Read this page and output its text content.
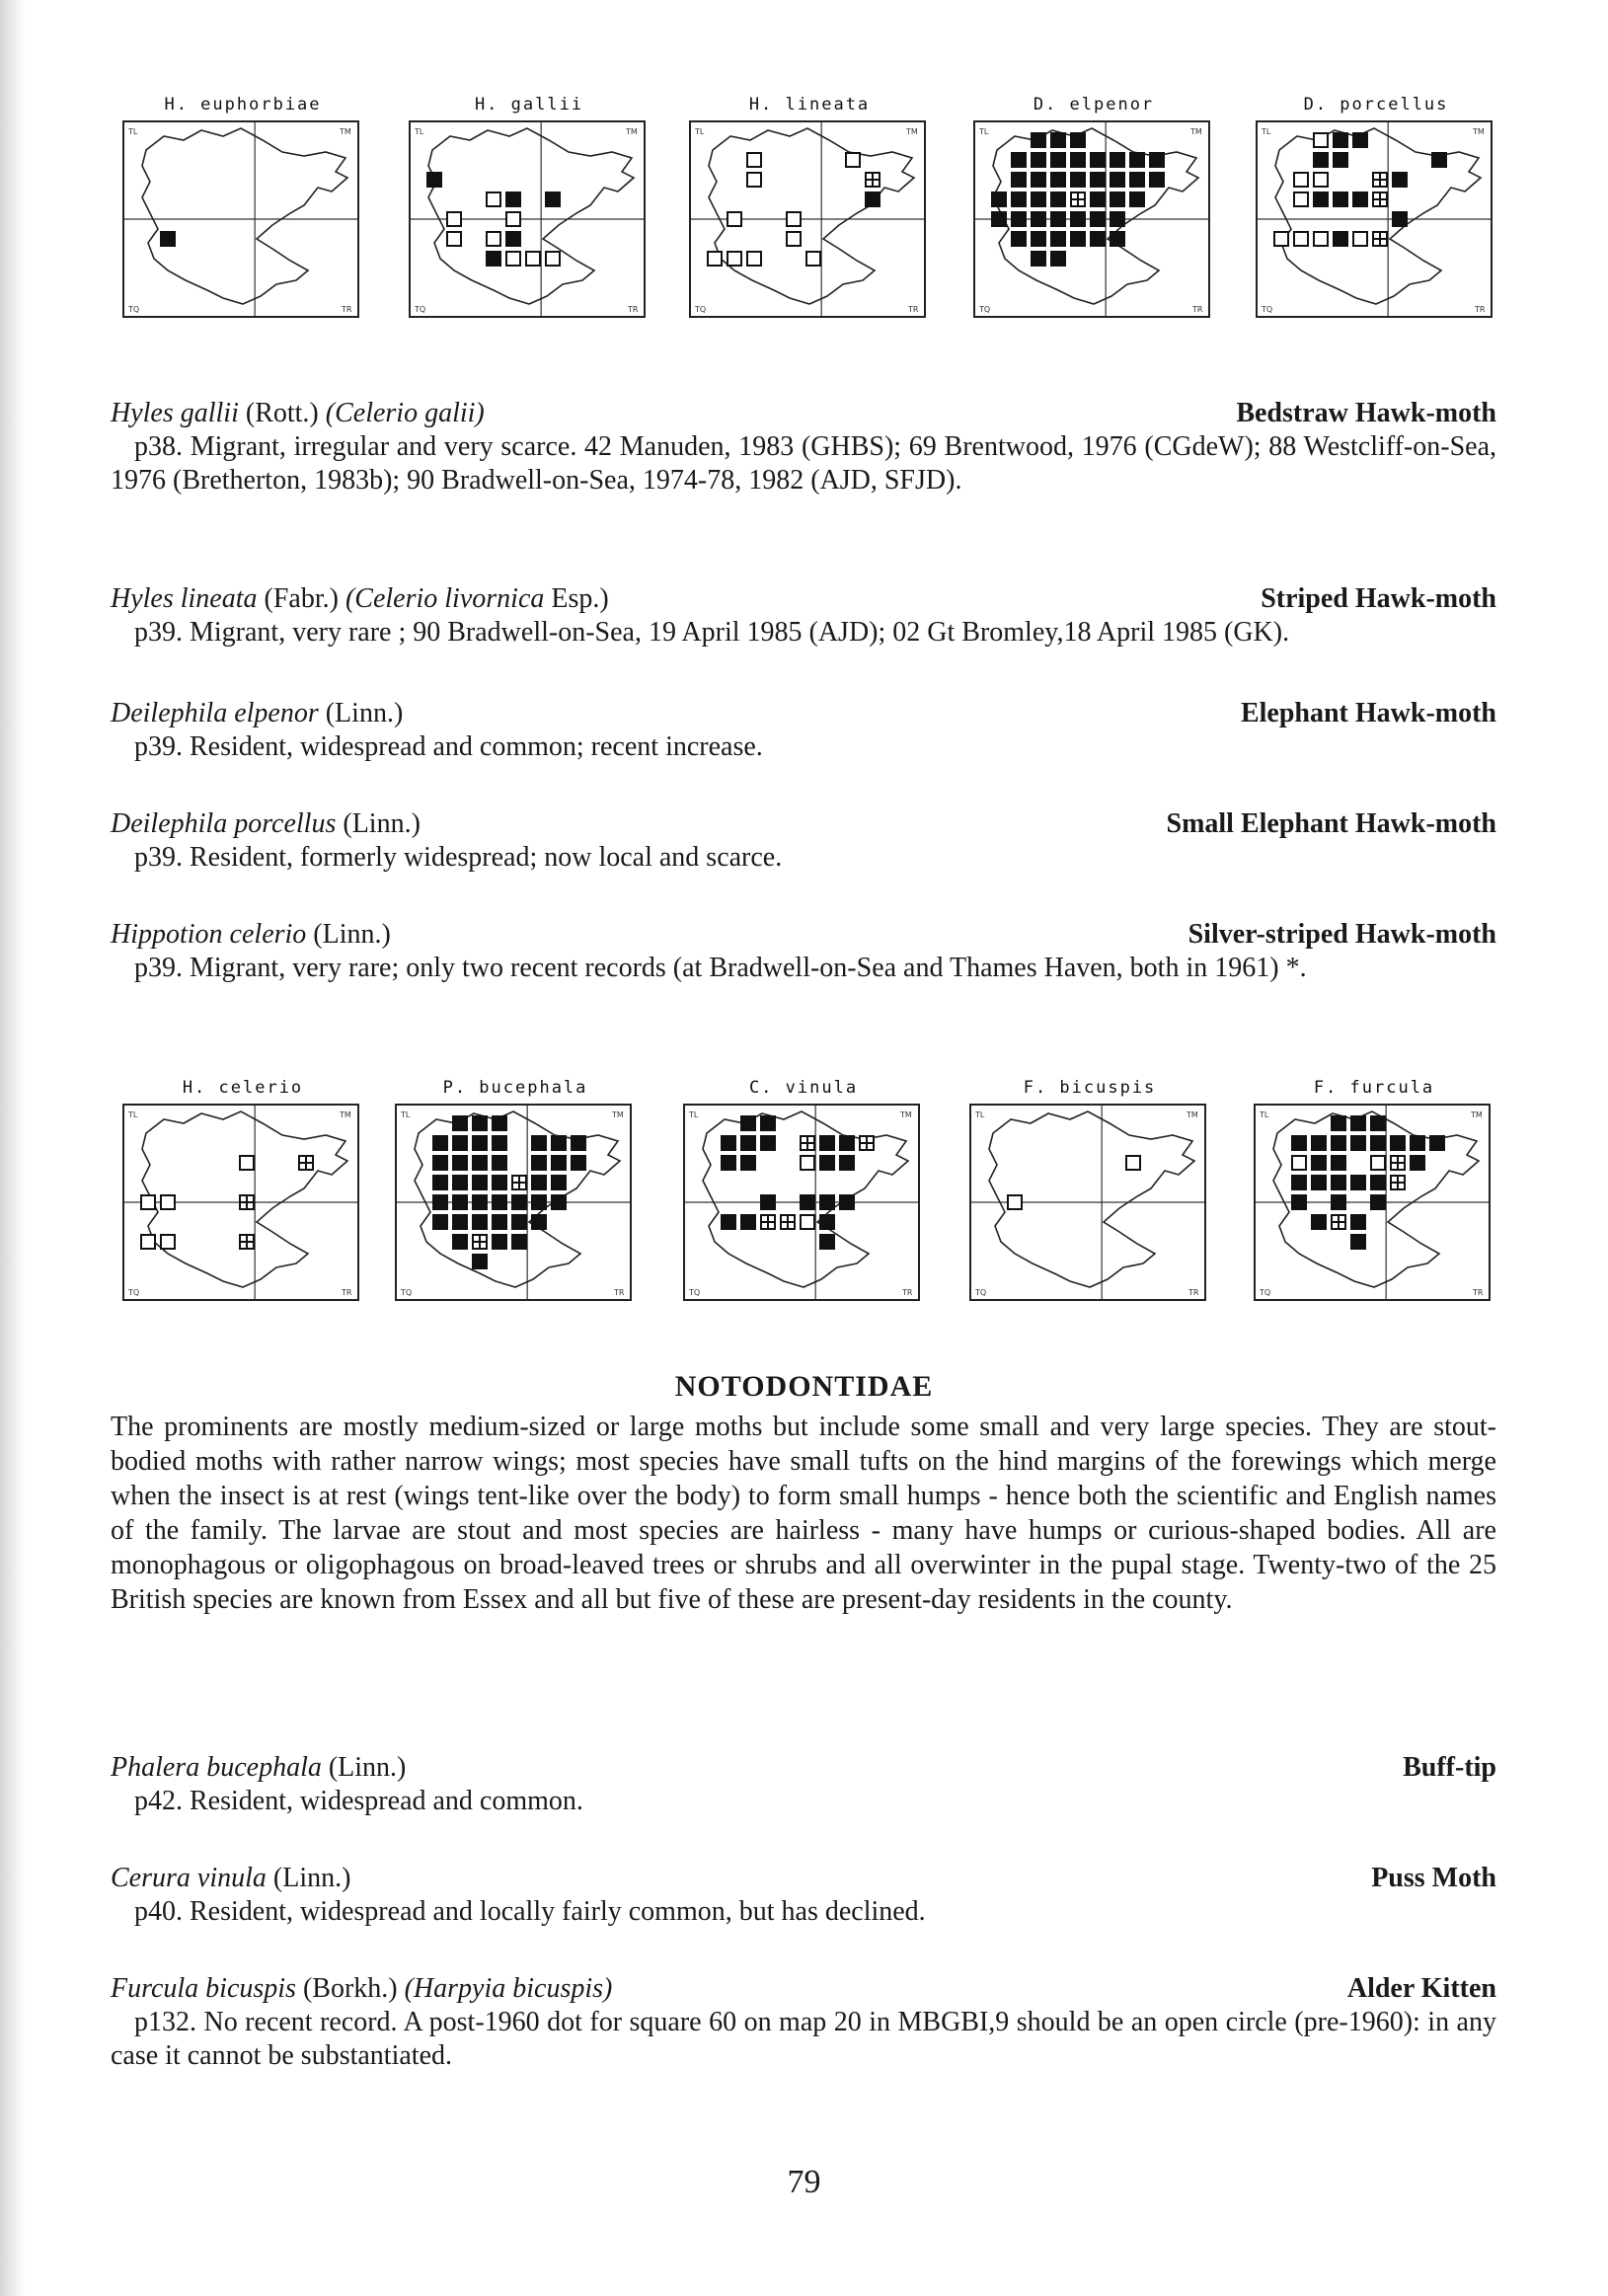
H. euphorbiae
TL	TM
TQ	TR
H. gallii
TL	TM
TQ	TR
H. lineata
TL	TM
TQ	TR
D. elpenor
TL	TM
TQ	TR
D. porcellus
TL	TM
TQ	TR
Hyles gallii (Rott.) (Celerio galii)	Bedstraw Hawk-moth
p38. Migrant, irregular and very scarce. 42 Manuden, 1983 (GHBS); 69 Brentwood, 1976 (CGdeW); 88 Westcliff-on-Sea, 1976 (Bretherton, 1983b); 90 Bradwell-on-Sea, 1974-78, 1982 (AJD, SFJD).
Hyles lineata (Fabr.) (Celerio livornica Esp.)	Striped Hawk-moth
p39. Migrant, very rare ; 90 Bradwell-on-Sea, 19 April 1985 (AJD); 02 Gt Bromley,18 April 1985 (GK).
Deilephila elpenor (Linn.)	Elephant Hawk-moth
p39. Resident, widespread and common; recent increase.
Deilephila porcellus (Linn.)	Small Elephant Hawk-moth
p39. Resident, formerly widespread; now local and scarce.
Hippotion celerio (Linn.)	Silver-striped Hawk-moth
p39. Migrant, very rare; only two recent records (at Bradwell-on-Sea and Thames Haven, both in 1961) *.
H. celerio
TL	TM
TQ	TR
P. bucephala
TL	TM
TQ	TR
C. vinula
TL	TM
TQ	TR
F. bicuspis
TL	TM
TQ	TR
F. furcula
TL	TM
TQ	TR
NOTODONTIDAE
The prominents are mostly medium-sized or large moths but include some small and very large species. They are stout-bodied moths with rather narrow wings; most species have small tufts on the hind margins of the forewings which merge when the insect is at rest (wings tent-like over the body) to form small humps - hence both the scientific and English names of the family. The larvae are stout and most species are hairless - many have humps or curious-shaped bodies. All are monophagous or oligophagous on broad-leaved trees or shrubs and all overwinter in the pupal stage. Twenty-two of the 25 British species are known from Essex and all but five of these are present-day residents in the county.
Phalera bucephala (Linn.)	Buff-tip
p42. Resident, widespread and common.
Cerura vinula (Linn.)	Puss Moth
p40. Resident, widespread and locally fairly common, but has declined.
Furcula bicuspis (Borkh.) (Harpyia bicuspis)	Alder Kitten
p132. No recent record. A post-1960 dot for square 60 on map 20 in MBGBI,9 should be an open circle (pre-1960): in any case it cannot be substantiated.
79
